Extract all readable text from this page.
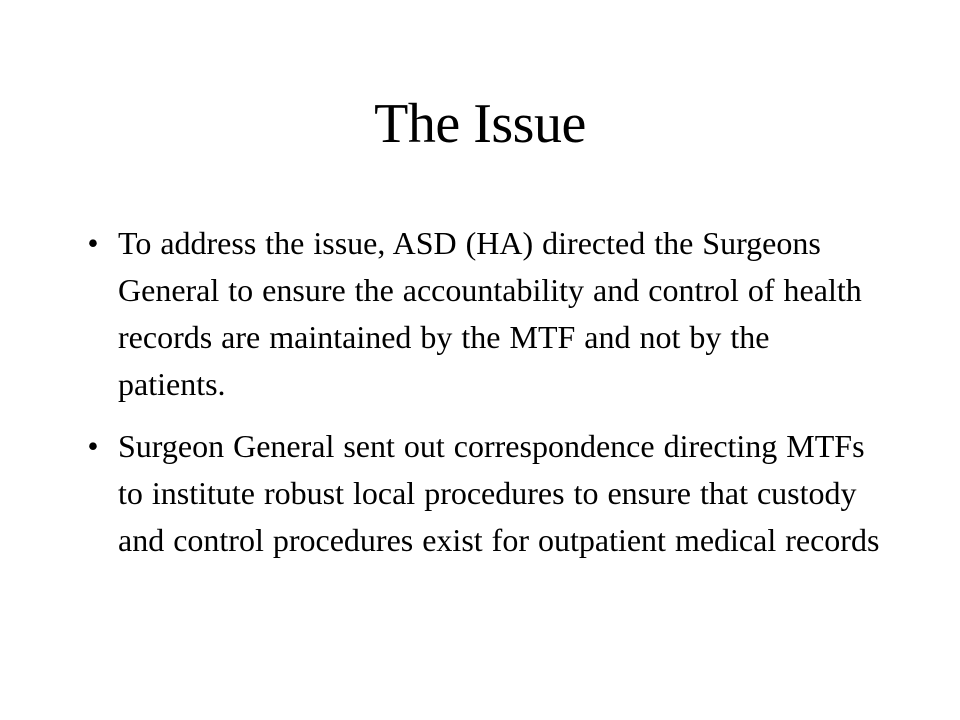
The Issue
• To address the issue, ASD (HA) directed the Surgeons General to ensure the accountability and control of health records are maintained by the MTF and not by the patients.
• Surgeon General sent out correspondence directing MTFs to institute robust local procedures to ensure that custody and control procedures exist for outpatient medical records
